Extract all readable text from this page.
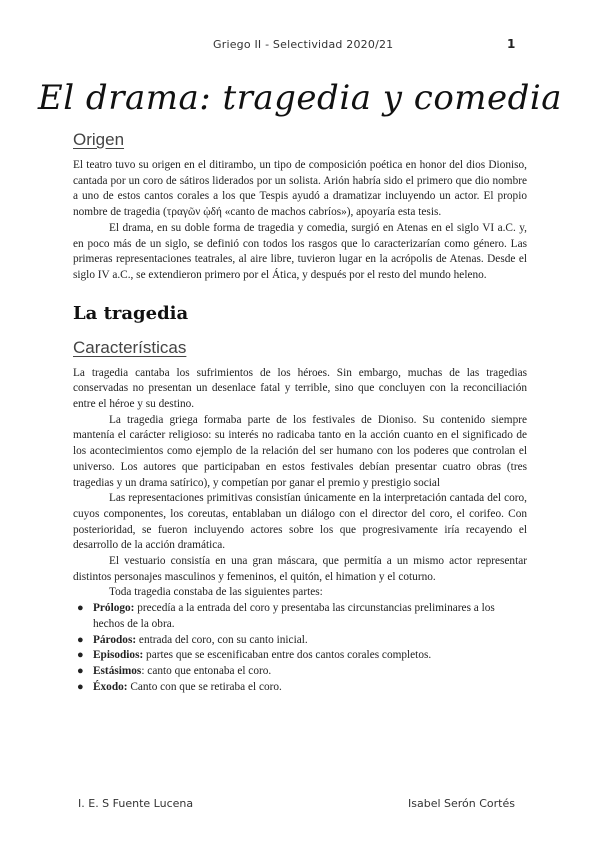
Griego II - Selectividad 2020/21	1
El drama: tragedia y comedia
Origen

El teatro tuvo su origen en el ditirambo, un tipo de composición poética en honor del dios Dioniso, cantada por un coro de sátiros liderados por un solista. Arión habría sido el primero que dio nombre a uno de estos cantos corales a los que Tespis ayudó a dramatizar incluyendo un actor. El propio nombre de tragedia (τραγῶν ᾠδή «canto de machos cabríos»), apoyaría esta tesis.

El drama, en su doble forma de tragedia y comedia, surgió en Atenas en el siglo VI a.C. y, en poco más de un siglo, se definió con todos los rasgos que lo caracterizarían como género. Las primeras representaciones teatrales, al aire libre, tuvieron lugar en la acrópolis de Atenas. Desde el siglo IV a.C., se extendieron primero por el Ática, y después por el resto del mundo heleno.

La tragedia
Características

La tragedia cantaba los sufrimientos de los héroes. Sin embargo, muchas de las tragedias conservadas no presentan un desenlace fatal y terrible, sino que concluyen con la reconciliación entre el héroe y su destino.

La tragedia griega formaba parte de los festivales de Dioniso. Su contenido siempre mantenía el carácter religioso: su interés no radicaba tanto en la acción cuanto en el significado de los acontecimientos como ejemplo de la relación del ser humano con los poderes que controlan el universo. Los autores que participaban en estos festivales debían presentar cuatro obras (tres tragedias y un drama satírico), y competían por ganar el premio y prestigio social

Las representaciones primitivas consistían únicamente en la interpretación cantada del coro, cuyos componentes, los coreutas, entablaban un diálogo con el director del coro, el corifeo. Con posterioridad, se fueron incluyendo actores sobre los que progresivamente iría recayendo el desarrollo de la acción dramática.

El vestuario consistía en una gran máscara, que permitía a un mismo actor representar distintos personajes masculinos y femeninos, el quitón, el himation y el coturno.

Toda tragedia constaba de las siguientes partes:

● Prólogo: precedía a la entrada del coro y presentaba las circunstancias preliminares a los hechos de la obra.
● Párodos: entrada del coro, con su canto inicial.
● Episodios: partes que se escenificaban entre dos cantos corales completos.
● Estásimos: canto que entonaba el coro.
● Éxodo: Canto con que se retiraba el coro.
I. E. S Fuente Lucena	Isabel Serón Cortés
